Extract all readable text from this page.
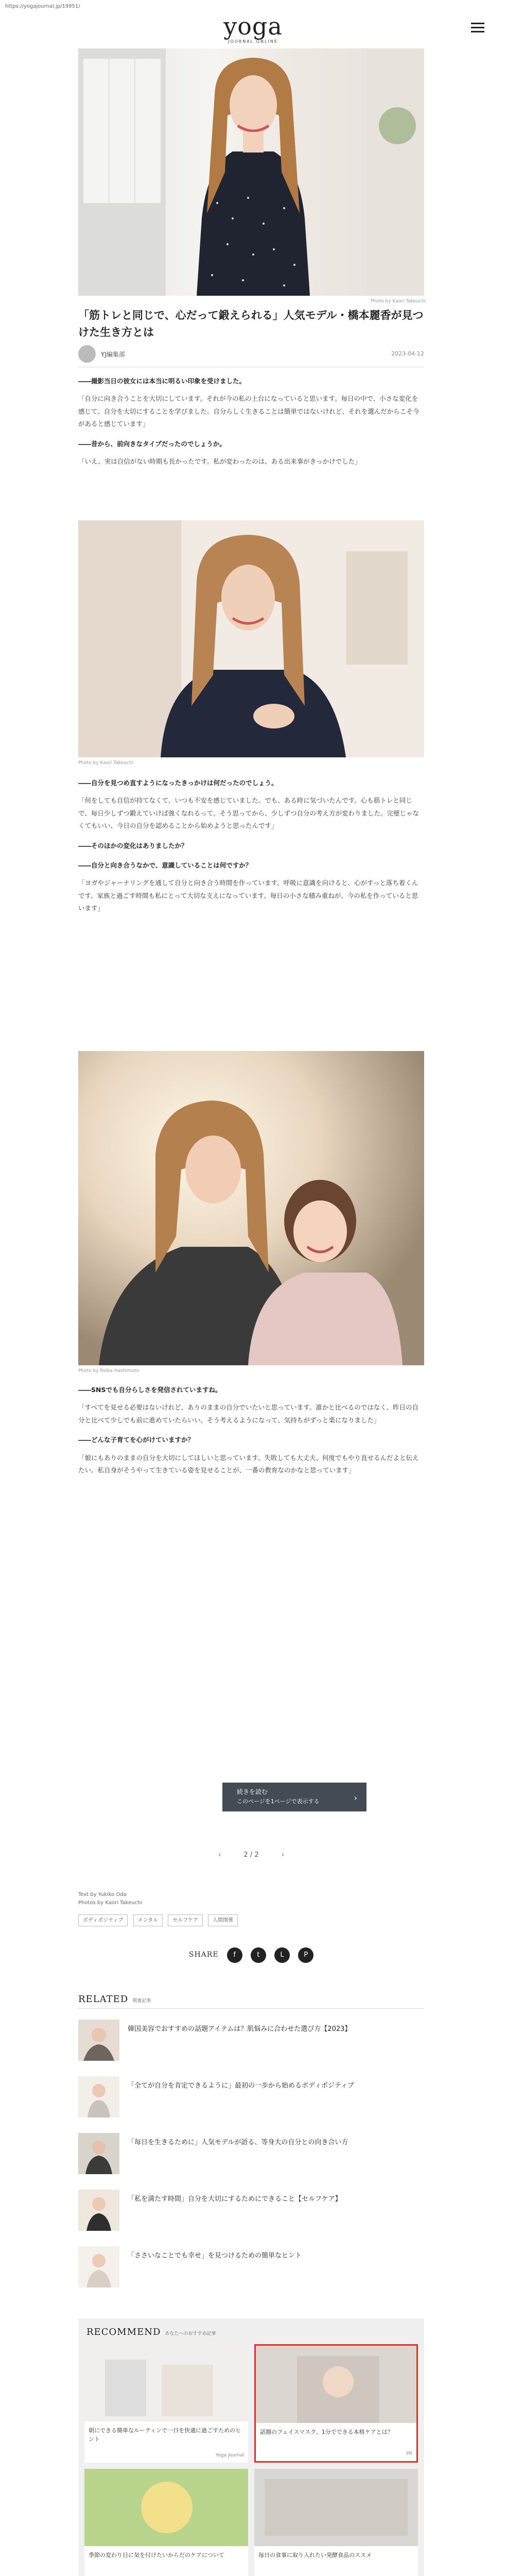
https://yogajournal.jp/19951/
yoga
JOURNAL ONLINE
Photo by Kaori Takeuchi
「筋トレと同じで、心だって鍛えられる」人気モデル・橋本麗香が見つけた生き方とは
YJ編集部	2023-04-12

――撮影当日の彼女には本当に明るい印象を受けました。

「自分に向き合うことを大切にしています。それが今の私の土台になっていると思います。毎日の中で、小さな変化を感じて、自分を大切にすることを学びました。自分らしく生きることは簡単ではないけれど、それを選んだからこそ今があると感じています」

――昔から、前向きなタイプだったのでしょうか。

「いえ、実は自信がない時期も長かったです。私が変わったのは、ある出来事がきっかけでした」

Photo by Kaori Takeuchi

――自分を見つめ直すようになったきっかけは何だったのでしょう。

「何をしても自信が持てなくて、いつも不安を感じていました。でも、ある時に気づいたんです。心も筋トレと同じで、毎日少しずつ鍛えていけば強くなれるって。そう思ってから、少しずつ自分の考え方が変わりました。完璧じゃなくてもいい、今日の自分を認めることから始めようと思ったんです」

――そのほかの変化はありましたか？

――自分と向き合うなかで、意識していることは何ですか？

「ヨガやジャーナリングを通して自分と向き合う時間を作っています。呼吸に意識を向けると、心がすっと落ち着くんです。家族と過ごす時間も私にとって大切な支えになっています。毎日の小さな積み重ねが、今の私を作っていると思います」

Photo by Reika Hashimoto

――SNSでも自分らしさを発信されていますね。

「すべてを見せる必要はないけれど、ありのままの自分でいたいと思っています。誰かと比べるのではなく、昨日の自分と比べて少しでも前に進めていたらいい。そう考えるようになって、気持ちがずっと楽になりました」

――どんな子育てを心がけていますか？

「娘にもありのままの自分を大切にしてほしいと思っています。失敗しても大丈夫、何度でもやり直せるんだよと伝えたい。私自身がそうやって生きている姿を見せることが、一番の教育なのかなと思っています」

続きを読む
このページを1ページで表示する	›
‹	2 / 2	›
Text by Yukiko Oda
Photos by Kaori Takeuchi
ボディポジティブ	メンタル	セルフケア	人間関係
SHARE f	t	L	P
RELATED 関連記事
韓国美容でおすすめの話題アイテムは？肌悩みに合わせた選び方【2023】
「全てが自分を肯定できるように」最初の一歩から始めるボディポジティブ
「毎日を生きるために」人気モデルが語る、等身大の自分との向き合い方
「私を満たす時間」自分を大切にするためにできること【セルフケア】
「ささいなことでも幸せ」を見つけるための簡単なヒント
RECOMMEND あなたへのおすすめ記事
朝にできる簡単なルーティンで一日を快適に過ごすためのヒント
Yoga Journal
話題のフェイスマスク、1分でできる本格ケアとは？
PR
季節の変わり目に気を付けたいからだのケアについて	毎日の食事に取り入れたい発酵食品のススメ
